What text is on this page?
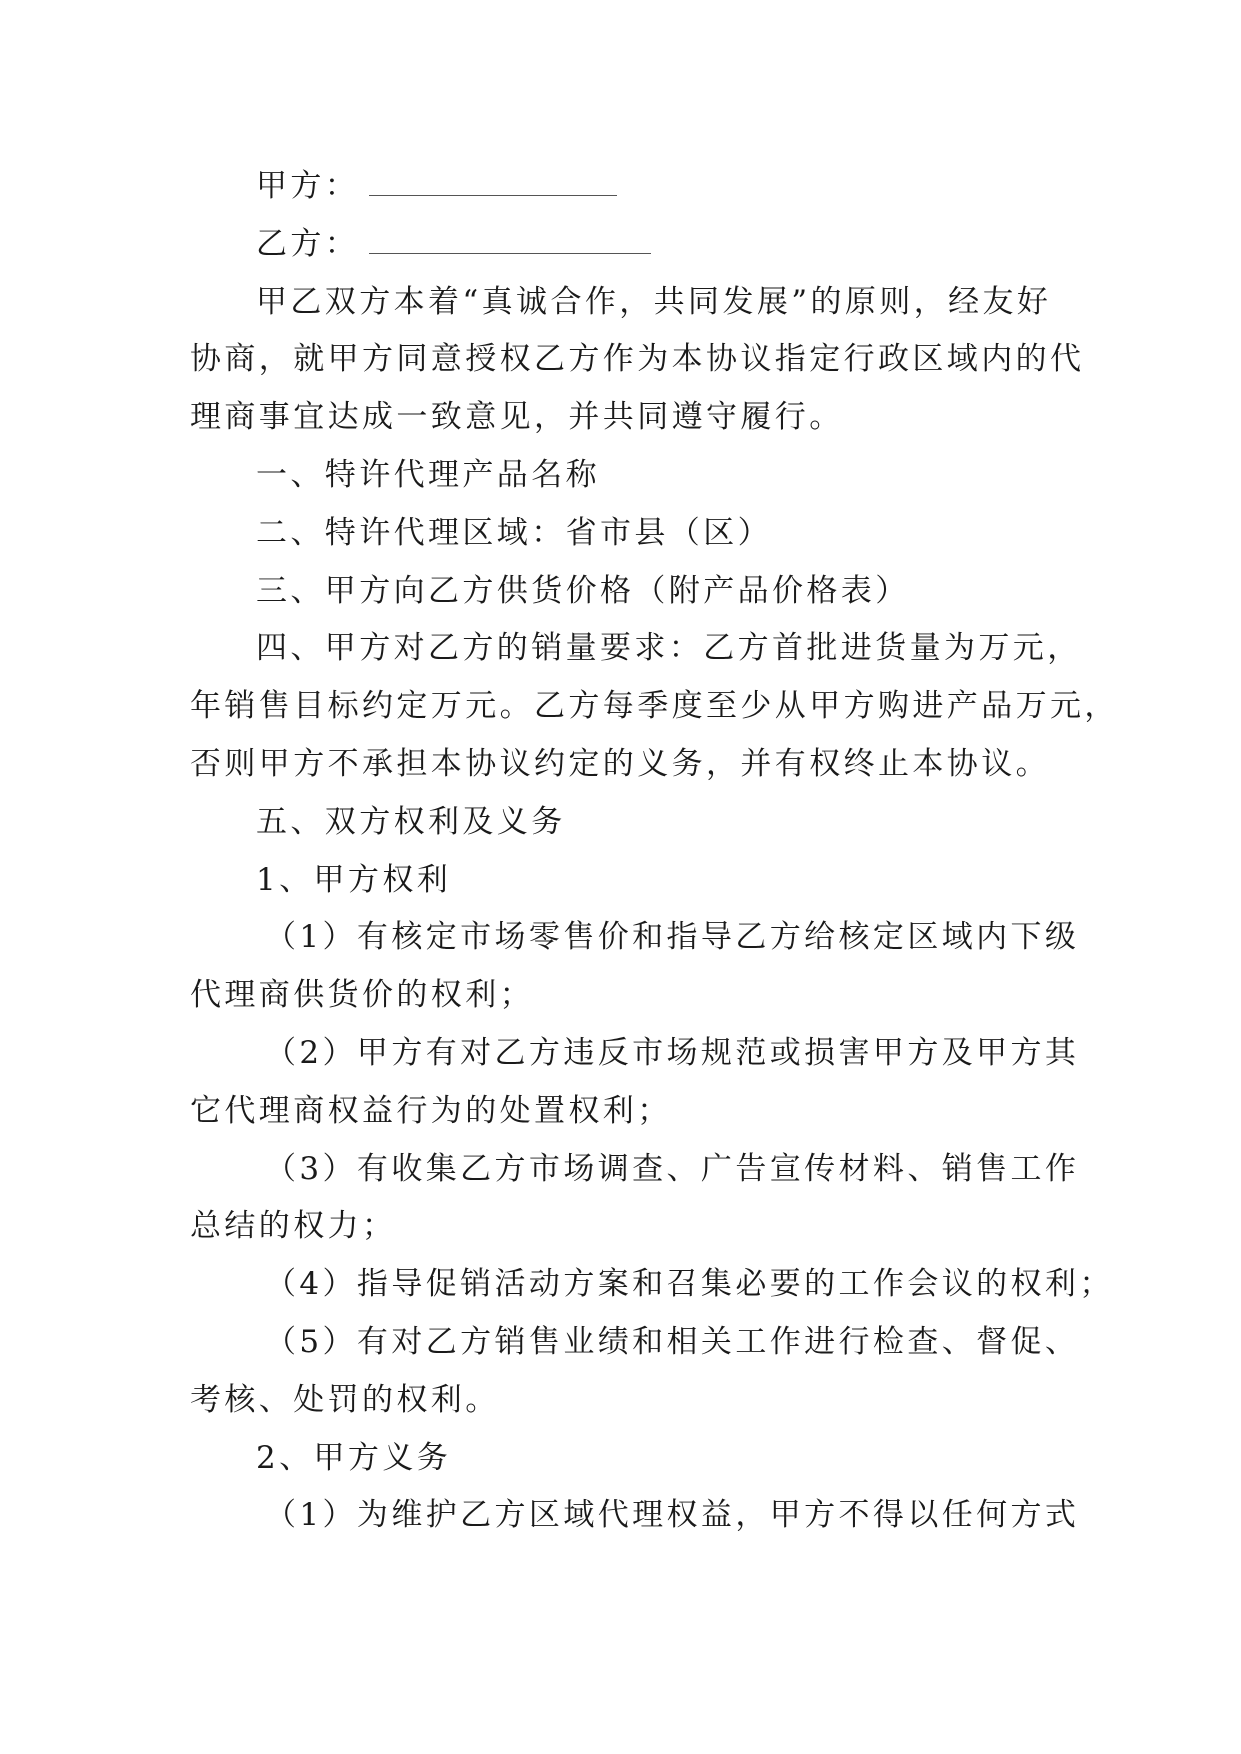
甲方：
乙方：
甲乙双方本着“真诚合作，共同发展”的原则，经友好
协商，就甲方同意授权乙方作为本协议指定行政区域内的代
理商事宜达成一致意见，并共同遵守履行。
一、特许代理产品名称
二、特许代理区域：省市县（区）
三、甲方向乙方供货价格（附产品价格表）
四、甲方对乙方的销量要求：乙方首批进货量为万元，
年销售目标约定万元。乙方每季度至少从甲方购进产品万元，
否则甲方不承担本协议约定的义务，并有权终止本协议。
五、双方权利及义务
1、甲方权利
（1）有核定市场零售价和指导乙方给核定区域内下级
代理商供货价的权利；
（2）甲方有对乙方违反市场规范或损害甲方及甲方其
它代理商权益行为的处置权利；
（3）有收集乙方市场调查、广告宣传材料、销售工作
总结的权力；
（4）指导促销活动方案和召集必要的工作会议的权利；
（5）有对乙方销售业绩和相关工作进行检查、督促、
考核、处罚的权利。
2、甲方义务
（1）为维护乙方区域代理权益，甲方不得以任何方式
